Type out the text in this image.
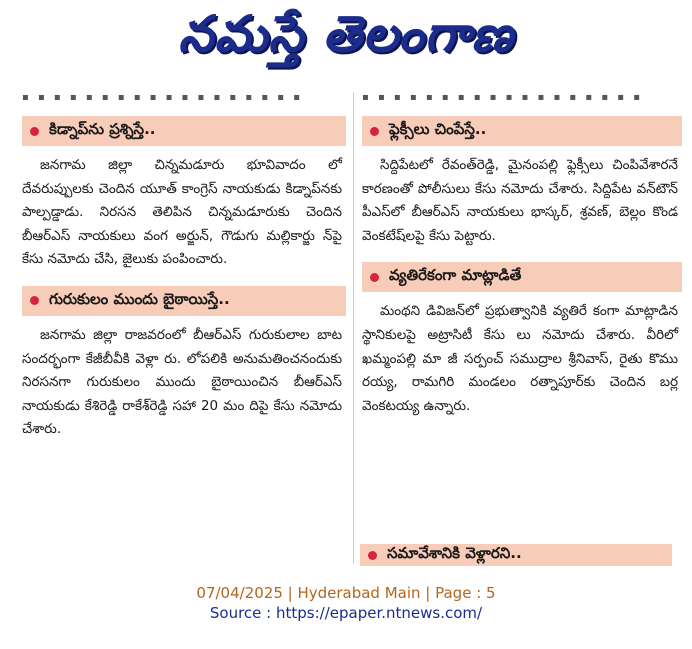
నమస్తే తెలంగాణ
▪ ▪ ▪ ▪ ▪ ▪ ▪ ▪ ▪ ▪ ▪ ▪ ▪ ▪ ▪ ▪ ▪ ▪
కిడ్నాప్‌ను ప్రశ్నిస్తే..

జనగామ జిల్లా చిన్నమడూరు భూవివాదం లో దేవరుప్పులకు చెందిన యూత్‌ కాంగ్రెస్‌ నాయకుడు కిడ్నాప్‌నకు పాల్పడ్డాడు. నిరసన తెలిపిన చిన్నమడూరుకు చెందిన బీఆర్‌ఎస్‌ నాయకులు వంగ అర్జున్‌, గౌడుగు మల్లికార్జు న్‌పై కేసు నమోదు చేసి, జైలుకు పంపించారు.

గురుకులం ముందు బైఠాయిస్తే..

జనగామ జిల్లా రాజవరంలో బీఆర్‌ఎస్‌ గురుకులాల బాట సందర్భంగా కేజీబీవీకి వెళ్లా రు. లోపలికి అనుమతించనందుకు నిరసనగా గురుకులం ముందు బైఠాయించిన బీఆర్‌ఎస్‌ నాయకుడు కేశిరెడ్డి రాకేశ్‌రెడ్డి సహా 20 మం దిపై కేసు నమోదు చేశారు.

▪ ▪ ▪ ▪ ▪ ▪ ▪ ▪ ▪ ▪ ▪ ▪ ▪ ▪ ▪ ▪ ▪ ▪
ఫ్లెక్సీలు చింపేస్తే..

సిద్దిపేటలో రేవంత్‌రెడ్డి, మైనంపల్లి ఫ్లెక్సీలు చింపివేశారనే కారణంతో పోలీసులు కేసు నమోదు చేశారు. సిద్దిపేట వన్‌టౌన్‌ పీఎస్‌లో బీఆర్‌ఎస్‌ నాయకులు భాస్కర్‌, శ్రవణ్‌, బెల్లం కొండ వెంకటేష్‌లపై కేసు పెట్టారు.

వ్యతిరేకంగా మాట్లాడితే

మంథని డివిజన్‌లో ప్రభుత్వానికి వ్యతిరే కంగా మాట్లాడిన స్థానికులపై అట్రాసిటీ కేసు లు నమోదు చేశారు. వీరిలో ఖమ్మంపల్లి మా జీ సర్పంచ్‌ సముద్రాల శ్రీనివాస్‌, రైతు కొము రయ్య, రామగిరి మండలం రత్నాపూర్‌కు చెందిన బర్ల వెంకటయ్య ఉన్నారు.

సమావేశానికి వెళ్లారని..
07/04/2025 | Hyderabad Main | Page : 5
Source : https://epaper.ntnews.com/
